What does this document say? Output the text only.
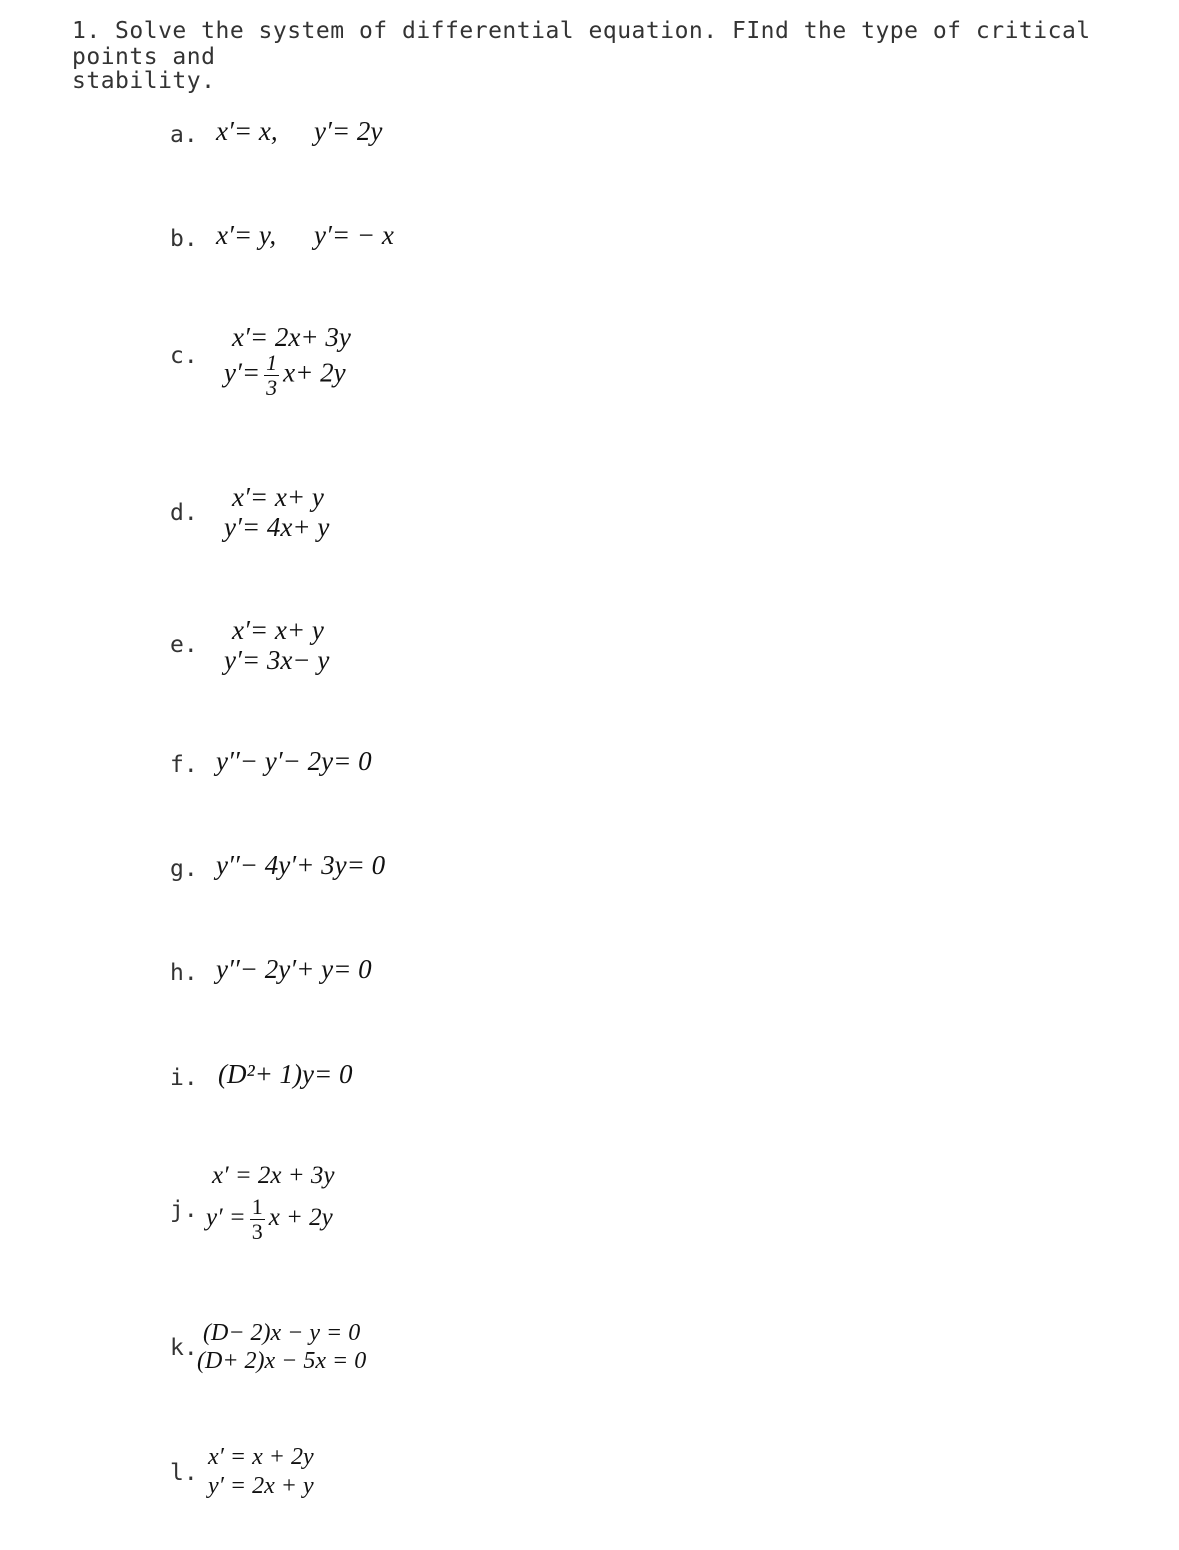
1. Solve the system of differential equation. FInd the type of critical points and
stability.
a. x′= x, y′= 2y
b. x′= y, y′= − x
c.
x′= 2x+ 3y
$y'= \frac{1}{3} x+ 2y$
d.
x′= x+ y
y′= 4x+ y
e. x′= x+ y
y′= 3x− y
f. y′′− y′− 2y= 0
g. y′′− 4y′+ 3y= 0
h. y′′− 2y′+ y= 0
i. (D²+ 1)y= 0
j.
x′ = 2x + 3y
$y' = \frac{1}{3}$ x + 2y
k.
(D− 2)x − y = 0
(D+ 2)x − 5x = 0
l.
x′ = x + 2y
y′ = 2x + y
